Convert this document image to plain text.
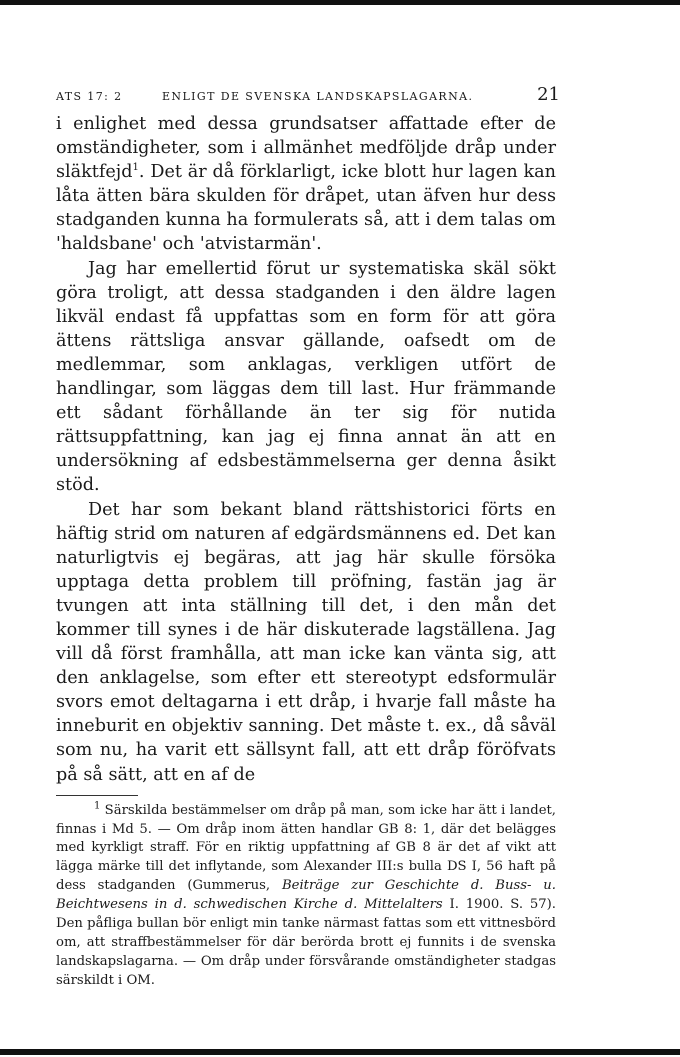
ATS 17: 2	ENLIGT DE SVENSKA LANDSKAPSLAGARNA.	21

i enlighet med dessa grundsatser affattade efter de omständigheter, som i allmänhet medföljde dråp under släktfejd$^1$. Det är då förklarligt, icke blott hur lagen kan låta ätten bära skulden för dråpet, utan äfven hur dess stadganden kunna ha formulerats så, att i dem talas om 'haldsbane' och 'atvistarmän'.

Jag har emellertid förut ur systematiska skäl sökt göra troligt, att dessa stadganden i den äldre lagen likväl endast få uppfattas som en form för att göra ättens rättsliga ansvar gällande, oafsedt om de medlemmar, som anklagas, verkligen utfört de handlingar, som läggas dem till last. Hur främmande ett sådant förhållande än ter sig för nutida rättsuppfattning, kan jag ej finna annat än att en undersökning af edsbestämmelserna ger denna åsikt stöd.

Det har som bekant bland rättshistorici förts en häftig strid om naturen af edgärdsmännens ed. Det kan naturligtvis ej begäras, att jag här skulle försöka upptaga detta problem till pröfning, fastän jag är tvungen att inta ställning till det, i den mån det kommer till synes i de här diskuterade lagställena. Jag vill då först framhålla, att man icke kan vänta sig, att den anklagelse, som efter ett stereotypt edsformulär svors emot deltagarna i ett dråp, i hvarje fall måste ha inneburit en objektiv sanning. Det måste t. ex., då såväl som nu, ha varit ett sällsynt fall, att ett dråp föröfvats på så sätt, att en af de

$^1$ Särskilda bestämmelser om dråp på man, som icke har ätt i landet, finnas i Md 5. — Om dråp inom ätten handlar GB 8: 1, där det belägges med kyrkligt straff. För en riktig uppfattning af GB 8 är det af vikt att lägga märke till det inflytande, som Alexander III:s bulla DS I, 56 haft på dess stadganden (Gummerus, Beiträge zur Geschichte d. Buss- u. Beichtwesens in d. schwedischen Kirche d. Mittelalters I. 1900. S. 57). Den påfliga bullan bör enligt min tanke närmast fattas som ett vittnesbörd om, att straffbestämmelser för där berörda brott ej funnits i de svenska landskapslagarna. — Om dråp under försvårande omständigheter stadgas särskildt i OM.
